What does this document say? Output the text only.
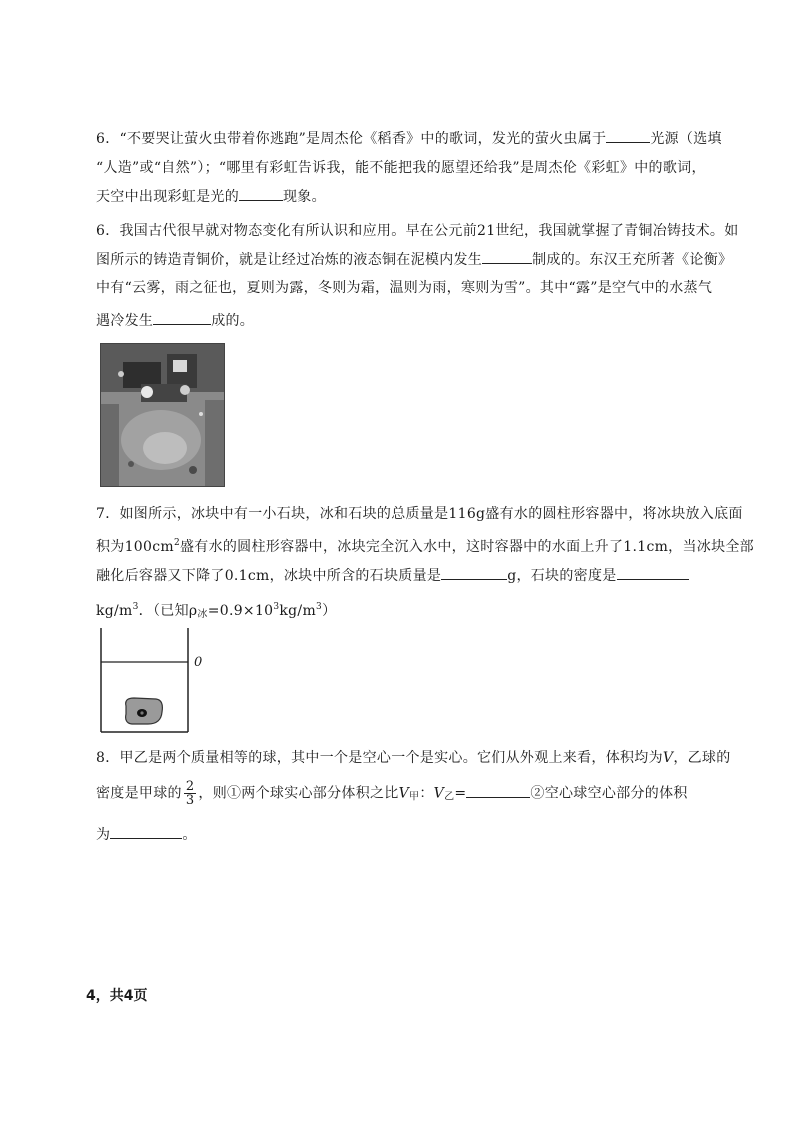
6．“不要哭让萤火虫带着你逃跑”是周杰伦《稻香》中的歌词，发光的萤火虫属于	光源（选填
“人造”或“自然”）；“哪里有彩虹告诉我，能不能把我的愿望还给我”是周杰伦《彩虹》中的歌词，
天空中出现彩虹是光的	现象。
6．我国古代很早就对物态变化有所认识和应用。早在公元前21世纪，我国就掌握了青铜冶铸技术。如
图所示的铸造青铜价，就是让经过冶炼的液态铜在泥模内发生	制成的。东汉王充所著《论衡》
中有“云雾，雨之征也，夏则为露，冬则为霜，温则为雨，寒则为雪”。其中“露”是空气中的水蒸气
遇冷发生	成的。
7．如图所示，冰块中有一小石块，冰和石块的总质量是116g盛有水的圆柱形容器中，将冰块放入底面
积为$100cm^2$盛有水的圆柱形容器中，冰块完全沉入水中，这时容器中的水面上升了1.1cm，当冰块全部
融化后容器又下降了0.1cm，冰块中所含的石块质量是	g，石块的密度是
$kg/m^3$．（已知$\rho_冰=0.9\times 10^3kg/m^3$）
0
8．甲乙是两个质量相等的球，其中一个是空心一个是实心。它们从外观上来看，体积均为V，乙球的
密度是甲球的 $\frac{2}{3}$ ，则①两个球实心部分体积之比$V_甲$：$V_乙=$	②空心球空心部分的体积
为	。
4，共4页
